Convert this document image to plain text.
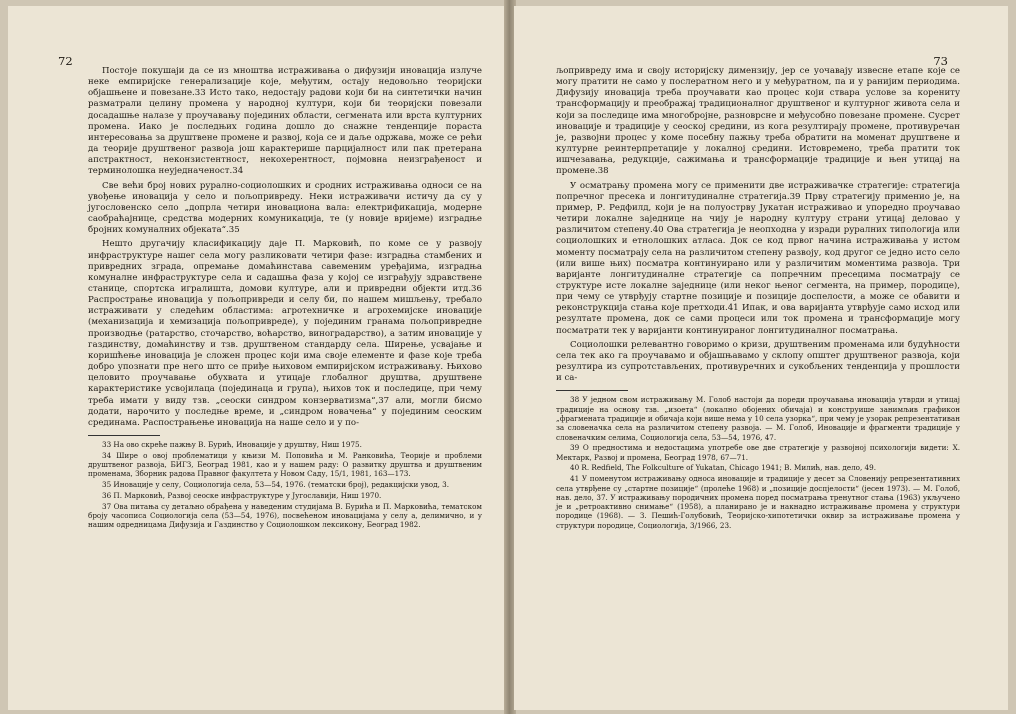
72

Постоје покушаји да се из мноштва истраживања о дифузији иновација излуче неке емпиријске генерализације које, међутим, остају недовољно теоријски објашњене и повезане.33 Исто тако, недостају радови који би на синтетички начин разматрали целину промена у народној култури, који би теоријски повезали досадашње налазе у проучавању појединих области, сегмената или врста културних промена. Иако је последњих година дошло до снажне тенденције пораста интересовања за друштвене промене и развој, која се и даље одржава, може се рећи да теорије друштвеног развоја још карактерише парцијалност или пак претерана апстрактност, неконзистентност, некохерентност, појмовна неизграђеност и терминолошка неуједначеност.34

Све већи број нових рурално-социолошких и сродних истраживања односи се на увођење иновација у село и пољопривреду. Неки истраживачи истичу да су у југословенско село „допрла четири иновациона вала: електрификација, модерне саобраћајнице, средства модерних комуникација, те (у новије вријеме) изградње бројних комуналних објеката“.35

Нешто другачију класификацију даје П. Марковић, по коме се у развоју инфраструктуре нашег села могу разликовати четири фазе: изградња стамбених и привредних зграда, опремање домаћинстава савеменим уређајима, изградња комуналне инфраструктуре села и садашња фаза у којој се изграђују здравствене станице, спортска игралишта, домови културе, али и привредни објекти итд.36 Распрострање иновација у пољопривреди и селу би, по нашем мишљењу, требало истраживати у следећим областима: агротехничке и агрохемијске иновације (механизација и хемизација пољопривреде), у појединим гранама пољопривредне производње (ратарство, сточарство, воћарство, виноградарство), а затим иновације у газдинству, домаћинству и тзв. друштвеном стандарду села. Ширење, усвајање и коришћење иновација је сложен процес који има своје елементе и фазе које треба добро упознати пре него што се приђе њиховом емпиријском истраживању. Њихово целовито проучавање обухвата и утицаје глобалног друштва, друштвене карактеристике усвојилаца (појединаца и група), њихов ток и последице, при чему треба имати у виду тзв. „сеоски синдром конзерватизма“,37 али, могли бисмо додати, нарочито у последње време, и „синдром новачења“ у појединим сеоским срединама. Распострањење иновација на наше село и у по-

33 На ово скреће пажњу В. Бурић, Иновације у друштву, Ниш 1975.

34 Шире о овој проблематици у књизи М. Поповића и М. Ранковића, Теорије и проблеми друштвеног развоја, БИГЗ, Београд 1981, као и у нашем раду: О развитку друштва и друштвеним променама, Зборник радова Правног факултета у Новом Саду, 15/1, 1981, 163—173.

35 Иновације у селу, Социологија села, 53—54, 1976. (тематски број), редакцијски увод, 3.

36 П. Марковић, Развој сеоске инфраструктуре у Југославији, Ниш 1970.

37 Ова питања су детаљно обрађена у наведеним студијама В. Бурића и П. Марковића, тематском броју часописа Социологија села (53—54, 1976), посвећеном иновацијама у селу а, делимично, и у нашим одредницама Дифузија и Газдинство у Социолошком лексикону, Београд 1982.

73

љопривреду има и своју историјску димензију, јер се уочавају извесне етапе које се могу пратити не само у послератном него и у међуратном, па и у ранијим периодима. Дифузију иновација треба проучавати као процес који ствара услове за корениту трансформацију и преображај традиционалног друштвеног и културног живота села и који за последице има многобројне, разноврсне и међусобно повезане промене. Сусрет иновације и традиције у сеоској средини, из кога резултирају промене, противуречан је, развојни процес у коме посебну пажњу треба обратити на моменат друштвене и културне реинтерпретације у локалној средини. Истовремено, треба пратити ток ишчезавања, редукције, сажимања и трансформације традиције и њен утицај на промене.38

У осматрању промена могу се применити две истраживачке стратегије: стратегија попречног пресека и лонгитудиналне стратегија.39 Прву стратегију применио је, на пример, Р. Редфилд, који је на полуострву Јукатан истраживао и упоредно проучавао четири локалне заједнице на чију је народну културу страни утицај деловао у различитом степену.40 Ова стратегија је неопходна у изради руралних типологија или социолошких и етнолошких атласа. Док се код првог начина истраживања у истом моменту посматрају села на различитом степену развоју, код другог се једно исто село (или више њих) посматра континуирано или у различитим моментима развоја. Три варијанте лонгитудиналне стратегије са попречним пресецима посматрају се структуре исте локалне заједнице (или неког њеног сегмента, на пример, породице), при чему се утврђују стартне позиције и позиције доспелости, а може се обавити и реконструкција стања које претходи.41 Ипак, и ова варијанта утврђује само исход или резултате промена, док се сами процеси или ток промена и трансформације могу посматрати тек у варијанти континуираног лонгитудиналног посматрања.

Социолошки релевантно говоримо о кризи, друштвеним променама или будућности села тек ако га проучавамо и објашњавамо у склопу општег друштвеног развоја, који резултира из супротстављених, противуречних и сукобљених тенденција у прошлости и са-

38 У једном свом истраживању М. Голоб настоји да пореди проучавања иновација утврди и утицај традиције на основу тзв. „изоета“ (локално обојених обичаја) и конструише занимљив графикон „фрагмената традиције и обичаја који више нема у 10 села узорка“, при чему је узорак репрезентативан за словеначка села на различитом степену развоја. — М. Голоб, Иновације и фрагменти традиције у словеначким селима, Социологија села, 53—54, 1976, 47.

39 О предностима и недостацима употребе ове две стратегије у развојној психологији видети: Х. Мектарк, Развој и промена, Београд 1978, 67—71.

40 R. Redfield, The Folkculture of Yukatan, Chicago 1941; В. Милић, нав. дело, 49.

41 У поменутом истраживању односа иновације и традиције у десет за Словенију репрезентативних села утврђене су „стартне позиције“ (пролеће 1968) и „позиције доспјелости“ (јесен 1973). — М. Голоб, нав. дело, 37. У истраживању породичних промена поред посматрања тренутног стања (1963) укључено је и „ретроактивно снимање“ (1958), а планирано је и накнадно истраживање промена у структури породице (1968). — З. Пешић-Голубовић, Теоријско-хипотетички оквир за истраживање промена у структури породице, Социологија, 3/1966, 23.
